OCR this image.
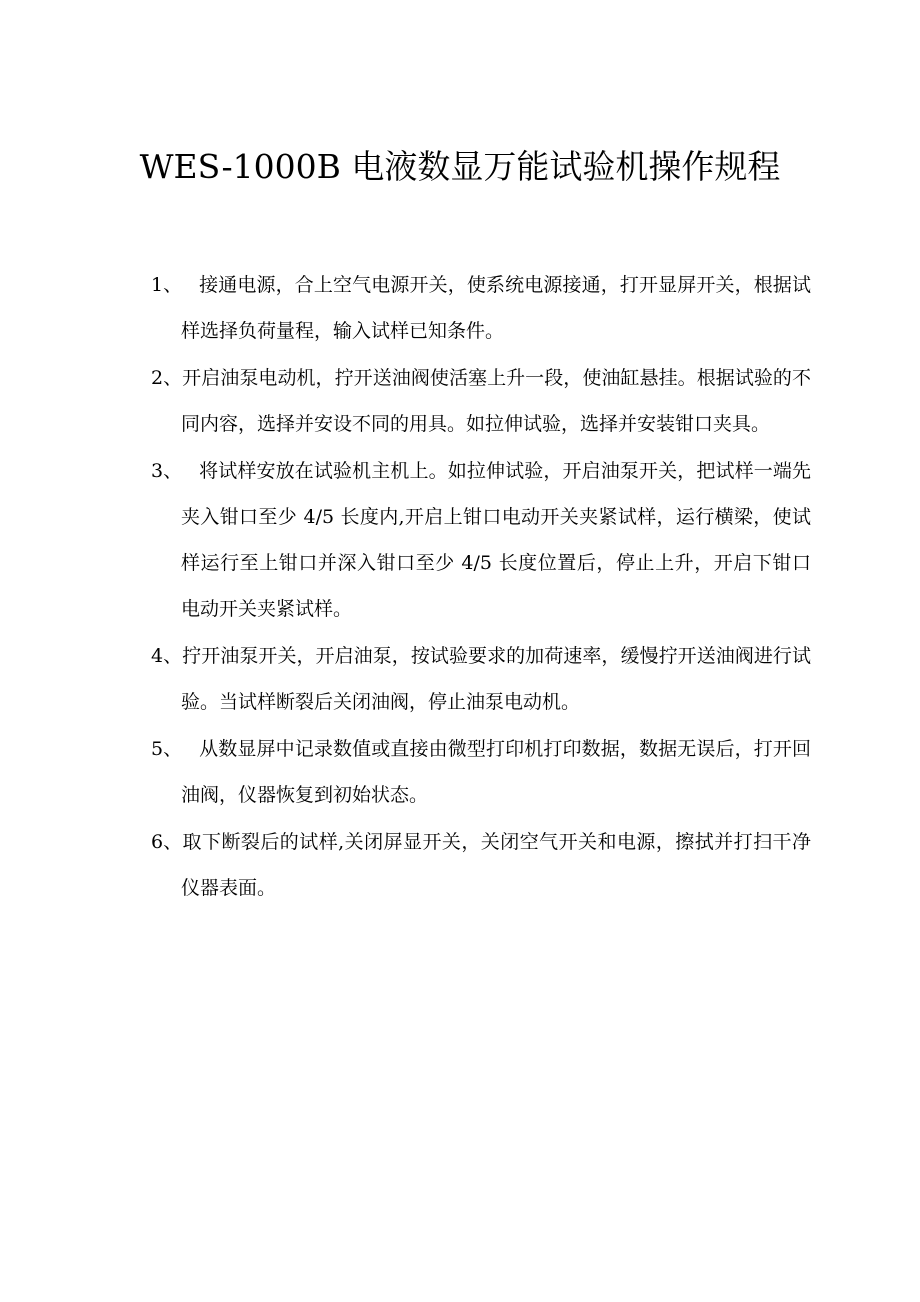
WES-1000B 电液数显万能试验机操作规程
1、 接通电源，合上空气电源开关，使系统电源接通，打开显屏开关，根据试样选择负荷量程，输入试样已知条件。
2、开启油泵电动机，拧开送油阀使活塞上升一段，使油缸悬挂。根据试验的不同内容，选择并安设不同的用具。如拉伸试验，选择并安装钳口夹具。
3、 将试样安放在试验机主机上。如拉伸试验，开启油泵开关，把试样一端先夹入钳口至少 4/5 长度内,开启上钳口电动开关夹紧试样，运行横梁，使试样运行至上钳口并深入钳口至少 4/5 长度位置后，停止上升，开启下钳口电动开关夹紧试样。
4、拧开油泵开关，开启油泵，按试验要求的加荷速率，缓慢拧开送油阀进行试验。当试样断裂后关闭油阀，停止油泵电动机。
5、 从数显屏中记录数值或直接由微型打印机打印数据，数据无误后，打开回油阀，仪器恢复到初始状态。
6、取下断裂后的试样,关闭屏显开关，关闭空气开关和电源，擦拭并打扫干净仪器表面。
